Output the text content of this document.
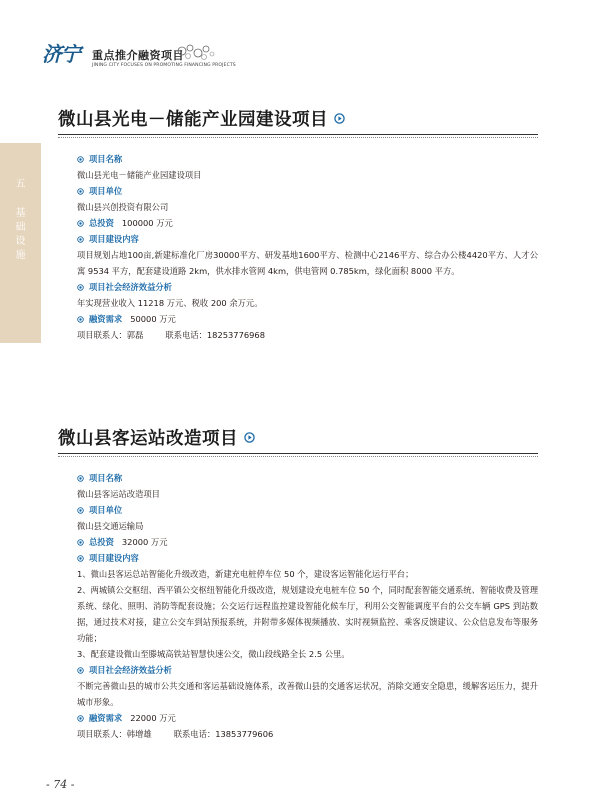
济宁 重点推介融资项目
JINING CITY FOCUSES ON PROMOTING FINANCING PROJECTS
五
基
础
设
施
微山县光电－储能产业园建设项目
项目名称
微山县光电－储能产业园建设项目
项目单位
微山县兴创投资有限公司
总投资 100000 万元
项目建设内容
项目规划占地100亩,新建标准化厂房30000平方、研发基地1600平方、检测中心2146平方、综合办公楼4420平方、人才公寓 9534 平方，配套建设道路 2km，供水排水管网 4km，供电管网 0.785km，绿化面积 8000 平方。
项目社会经济效益分析
年实现营业收入 11218 万元、税收 200 余万元。
融资需求 50000 万元
项目联系人：郭磊	联系电话：18253776968
微山县客运站改造项目
项目名称
微山县客运站改造项目
项目单位
微山县交通运输局
总投资 32000 万元
项目建设内容
1、微山县客运总站智能化升级改造，新建充电桩停车位 50 个，建设客运智能化运行平台；
2、两城镇公交枢纽、西平镇公交枢纽智能化升级改造，规划建设充电桩车位 50 个，同时配套智能交通系统、智能收费及管理系统、绿化、照明、消防等配套设施；公交运行远程监控建设智能化候车厅，利用公交智能调度平台的公交车辆 GPS 到站数据，通过技术对接，建立公交车到站预报系统，并附带多媒体视频播放、实时视频监控、乘客反馈建议、公众信息发布等服务功能；
3、配套建设微山至滕城高铁站智慧快速公交，微山段线路全长 2.5 公里。
项目社会经济效益分析
不断完善微山县的城市公共交通和客运基础设施体系，改善微山县的交通客运状况，消除交通安全隐患，缓解客运压力，提升城市形象。
融资需求 22000 万元
项目联系人：韩增雄	联系电话：13853779606
- 74 -
